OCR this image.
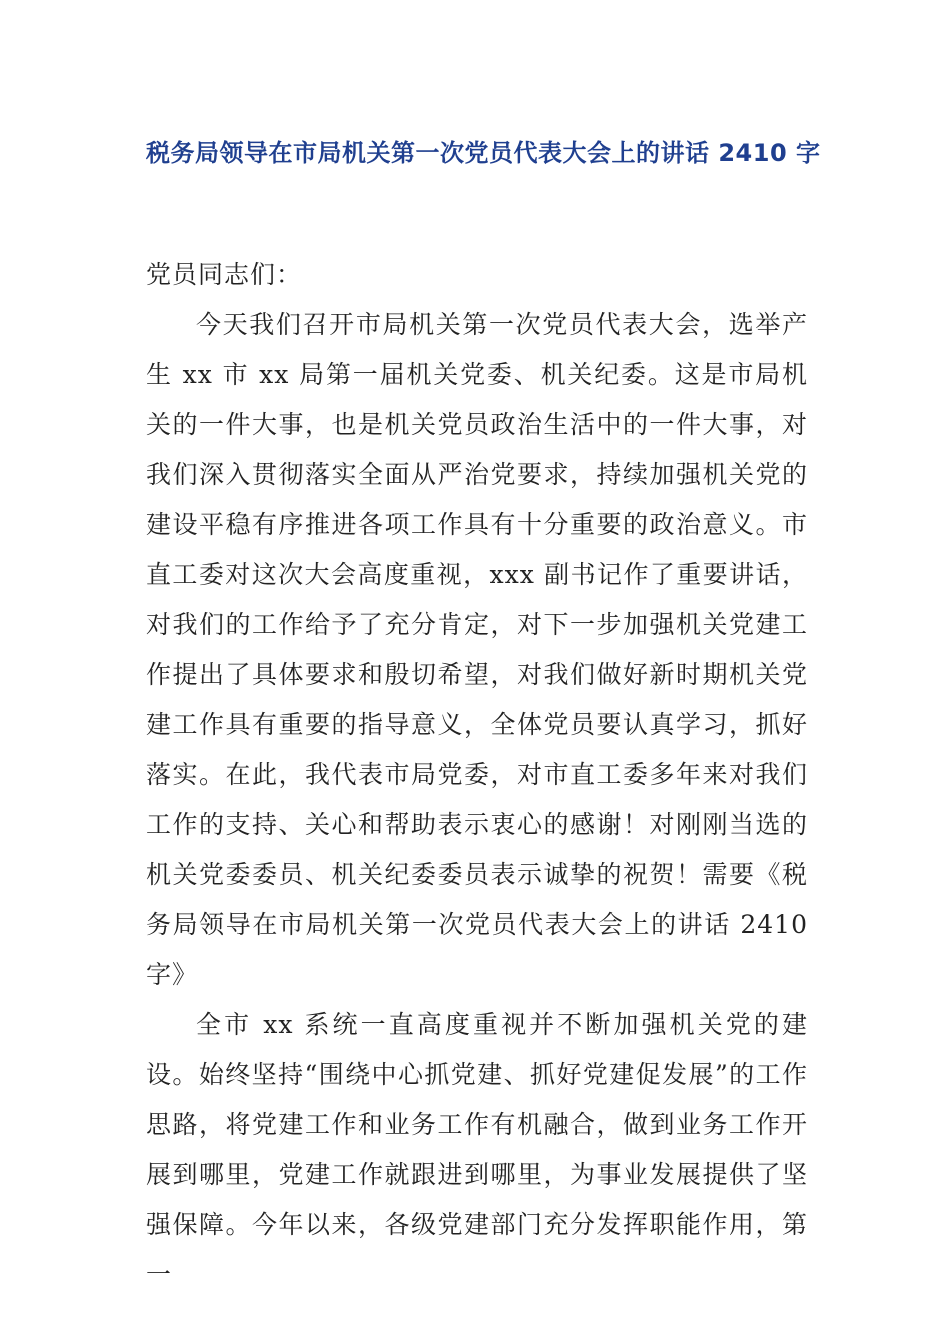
税务局领导在市局机关第一次党员代表大会上的讲话 2410 字

党员同志们：

今天我们召开市局机关第一次党员代表大会，选举产生 xx 市 xx 局第一届机关党委、机关纪委。这是市局机关的一件大事，也是机关党员政治生活中的一件大事，对我们深入贯彻落实全面从严治党要求，持续加强机关党的建设平稳有序推进各项工作具有十分重要的政治意义。市直工委对这次大会高度重视，xxx 副书记作了重要讲话，对我们的工作给予了充分肯定，对下一步加强机关党建工作提出了具体要求和殷切希望，对我们做好新时期机关党建工作具有重要的指导意义，全体党员要认真学习，抓好落实。在此，我代表市局党委，对市直工委多年来对我们工作的支持、关心和帮助表示衷心的感谢！对刚刚当选的机关党委委员、机关纪委委员表示诚挚的祝贺！需要《税务局领导在市局机关第一次党员代表大会上的讲话 2410 字》

全市 xx 系统一直高度重视并不断加强机关党的建设。始终坚持“围绕中心抓党建、抓好党建促发展”的工作思路，将党建工作和业务工作有机融合，做到业务工作开展到哪里，党建工作就跟进到哪里，为事业发展提供了坚强保障。今年以来，各级党建部门充分发挥职能作用，第一
